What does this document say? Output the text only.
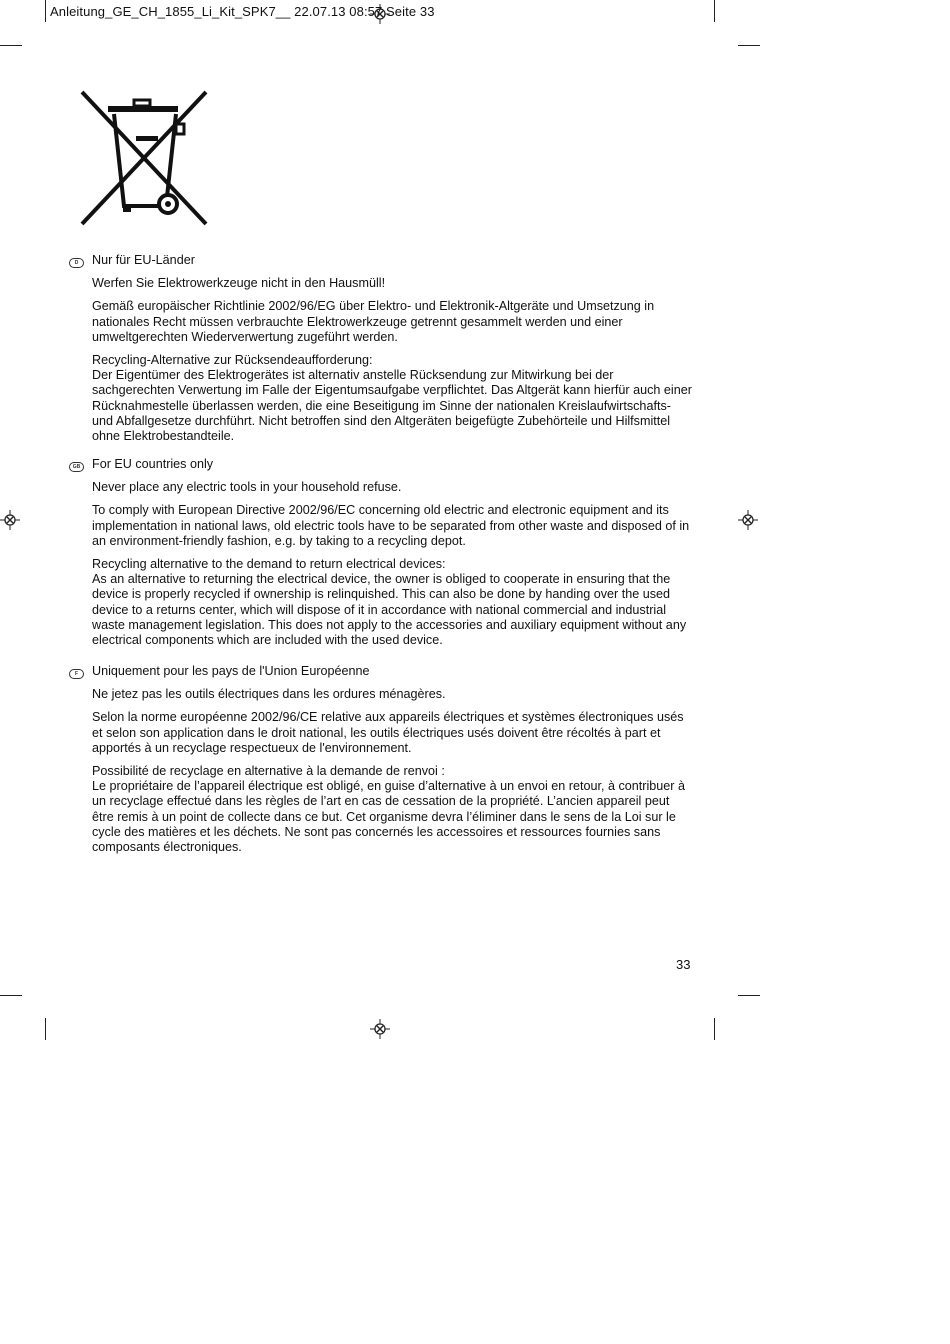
Anleitung_GE_CH_1855_Li_Kit_SPK7__ 22.07.13 08:57 Seite 33
D	Nur für EU-Länder

Werfen Sie Elektrowerkzeuge nicht in den Hausmüll!

Gemäß europäischer Richtlinie 2002/96/EG über Elektro- und Elektronik-Altgeräte und Umsetzung in nationales Recht müssen verbrauchte Elektrowerkzeuge getrennt gesammelt werden und einer umweltgerechten Wiederverwertung zugeführt werden.

Recycling-Alternative zur Rücksendeaufforderung:

Der Eigentümer des Elektrogerätes ist alternativ anstelle Rücksendung zur Mitwirkung bei der sachgerechten Verwertung im Falle der Eigentumsaufgabe verpflichtet. Das Altgerät kann hierfür auch einer Rücknahmestelle überlassen werden, die eine Beseitigung im Sinne der nationalen Kreislaufwirtschafts- und Abfallgesetze durchführt. Nicht betroffen sind den Altgeräten beigefügte Zubehörteile und Hilfsmittel ohne Elektrobestandteile.

GB For EU countries only

Never place any electric tools in your household refuse.

To comply with European Directive 2002/96/EC concerning old electric and electronic equipment and its implementation in national laws, old electric tools have to be separated from other waste and disposed of in an environment-friendly fashion, e.g. by taking to a recycling depot.

Recycling alternative to the demand to return electrical devices:

As an alternative to returning the electrical device, the owner is obliged to cooperate in ensuring that the device is properly recycled if ownership is relinquished. This can also be done by handing over the used device to a returns center, which will dispose of it in accordance with national commercial and industrial waste management legislation. This does not apply to the accessories and auxiliary equipment without any electrical components which are included with the used device.

F	Uniquement pour les pays de l'Union Européenne

Ne jetez pas les outils électriques dans les ordures ménagères.

Selon la norme européenne 2002/96/CE relative aux appareils électriques et systèmes électroniques usés et selon son application dans le droit national, les outils électriques usés doivent être récoltés à part et apportés à un recyclage respectueux de l'environnement.

Possibilité de recyclage en alternative à la demande de renvoi :

Le propriétaire de l’appareil électrique est obligé, en guise d’alternative à un envoi en retour, à contribuer à un recyclage effectué dans les règles de l’art en cas de cessation de la propriété. L’ancien appareil peut être remis à un point de collecte dans ce but. Cet organisme devra l’éliminer dans le sens de la Loi sur le cycle des matières et les déchets. Ne sont pas concernés les accessoires et ressources fournies sans composants électroniques.

33
